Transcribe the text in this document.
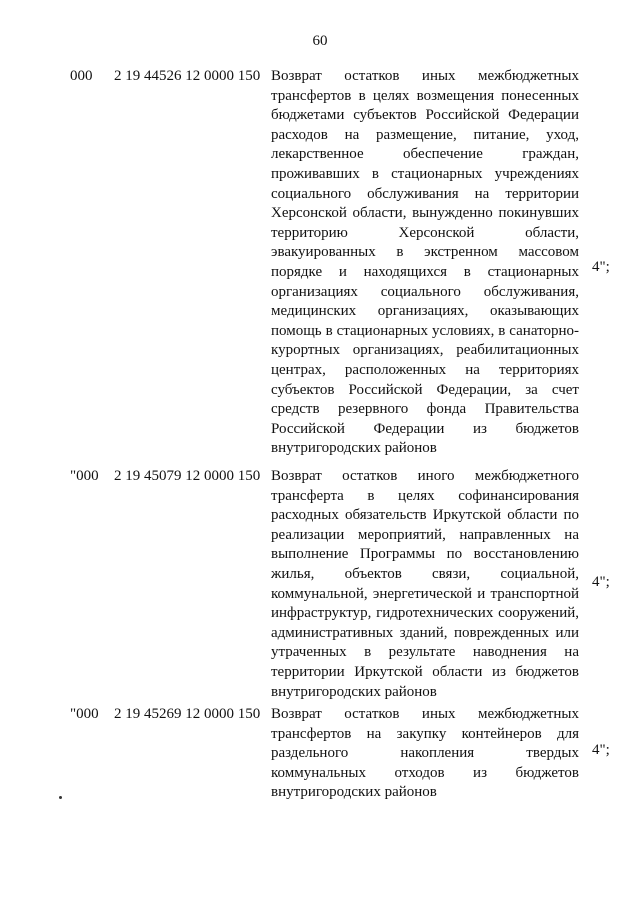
60
000 2 19 44526 12 0000 150 Возврат остатков иных межбюджетных трансфертов в целях возмещения понесенных бюджетами субъектов Российской Федерации расходов на размещение, питание, уход, лекарственное обеспечение граждан, проживавших в стационарных учреждениях социального обслуживания на территории Херсонской области, вынужденно покинувших территорию Херсонской области, эвакуированных в экстренном массовом порядке и находящихся в стационарных организациях социального обслуживания, медицинских организациях, оказывающих помощь в стационарных условиях, в санаторно-курортных организациях, реабилитационных центрах, расположенных на территориях субъектов Российской Федерации, за счет средств резервного фонда Правительства Российской Федерации из бюджетов внутригородских районов
4";
"000 2 19 45079 12 0000 150 Возврат остатков иного межбюджетного трансферта в целях софинансирования расходных обязательств Иркутской области по реализации мероприятий, направленных на выполнение Программы по восстановлению жилья, объектов связи, социальной, коммунальной, энергетической и транспортной инфраструктур, гидротехнических сооружений, административных зданий, поврежденных или утраченных в результате наводнения на территории Иркутской области из бюджетов внутригородских районов
4";
"000 2 19 45269 12 0000 150 Возврат остатков иных межбюджетных трансфертов на закупку контейнеров для раздельного накопления твердых коммунальных отходов из бюджетов внутригородских районов
4";
